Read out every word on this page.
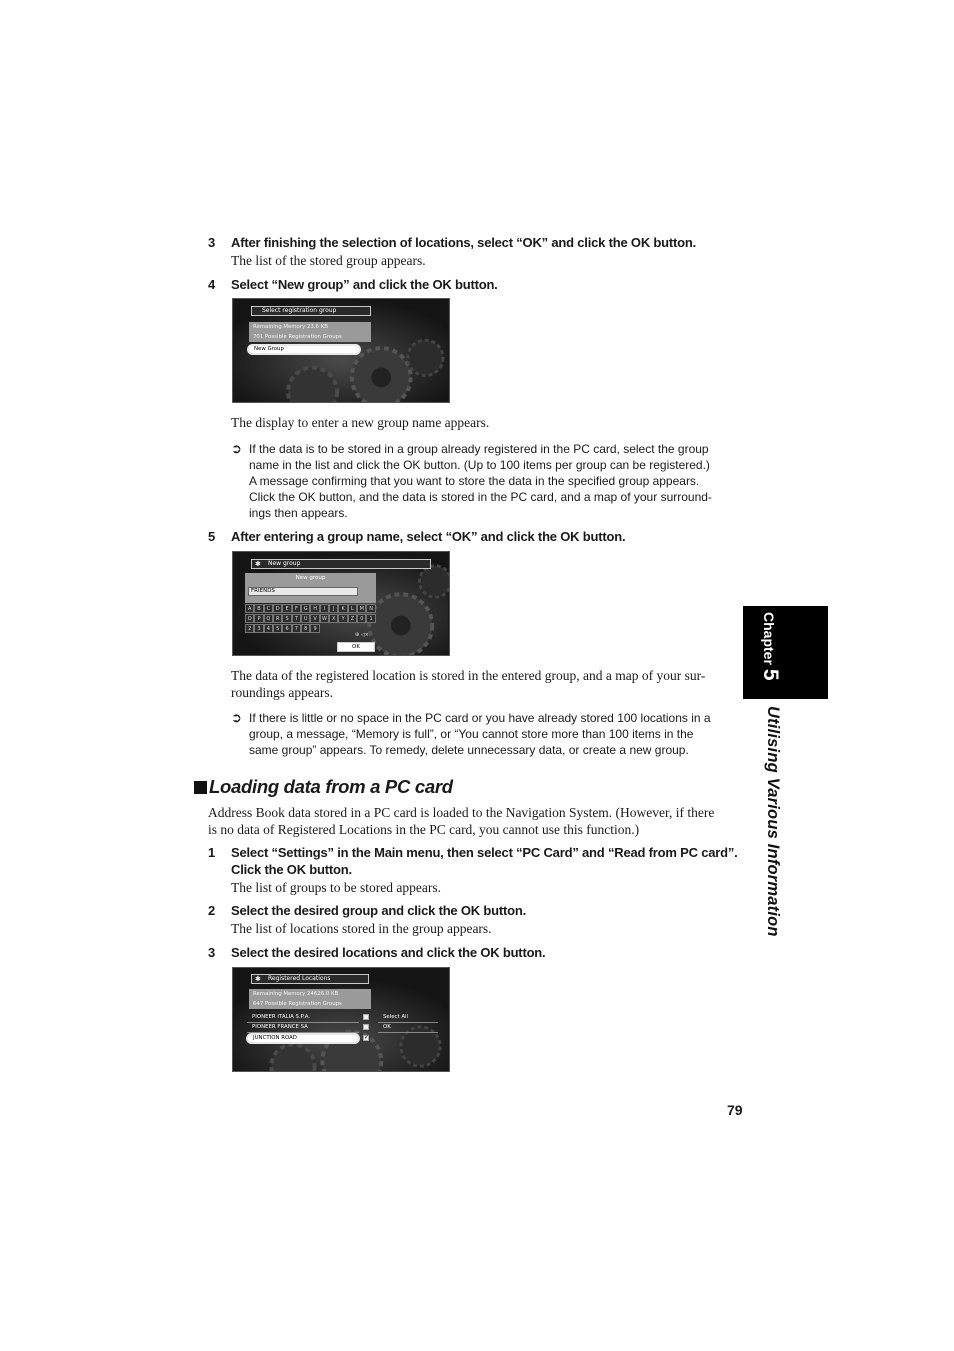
3 After finishing the selection of locations, select “OK” and click the OK button.
The list of the stored group appears.
4 Select “New group” and click the OK button.
Select registration group
Remaining Memory 23.6 KB
701 Possible Registration Groups
New Group
The display to enter a new group name appears.
➲ If the data is to be stored in a group already registered in the PC card, select the group
name in the list and click the OK button. (Up to 100 items per group can be registered.)
A message confirming that you want to store the data in the specified group appears.
Click the OK button, and the data is stored in the PC card, and a map of your surround-
ings then appears.
5 After entering a group name, select “OK” and click the OK button.
✱ New group
New group
FRIENDS
A	B	C	D	E	F	G	H	I	J	K	L	M	N
O	P	Q	R	S	T	U	V	W	X	Y	Z	0	1
2	3	4	5	6	7	8	9
⊕ ◁×
OK
The data of the registered location is stored in the entered group, and a map of your sur-
roundings appears.
➲ If there is little or no space in the PC card or you have already stored 100 locations in a
group, a message, “Memory is full”, or “You cannot store more than 100 items in the
same group” appears. To remedy, delete unnecessary data, or create a new group.
Loading data from a PC card
Address Book data stored in a PC card is loaded to the Navigation System. (However, if there
is no data of Registered Locations in the PC card, you cannot use this function.)
1 Select “Settings” in the Main menu, then select “PC Card” and “Read from PC card”.
Click the OK button.
The list of groups to be stored appears.
2 Select the desired group and click the OK button.
The list of locations stored in the group appears.
3 Select the desired locations and click the OK button.
✱ Registered Locations
Remaining Memory 24626.0 KB
647 Possible Registration Groups
PIONEER ITALIA S.P.A.
PIONEER FRANCE SA
JUNCTION ROAD	✓
Select All
OK
Chapter5
Utilising Various Information
79
